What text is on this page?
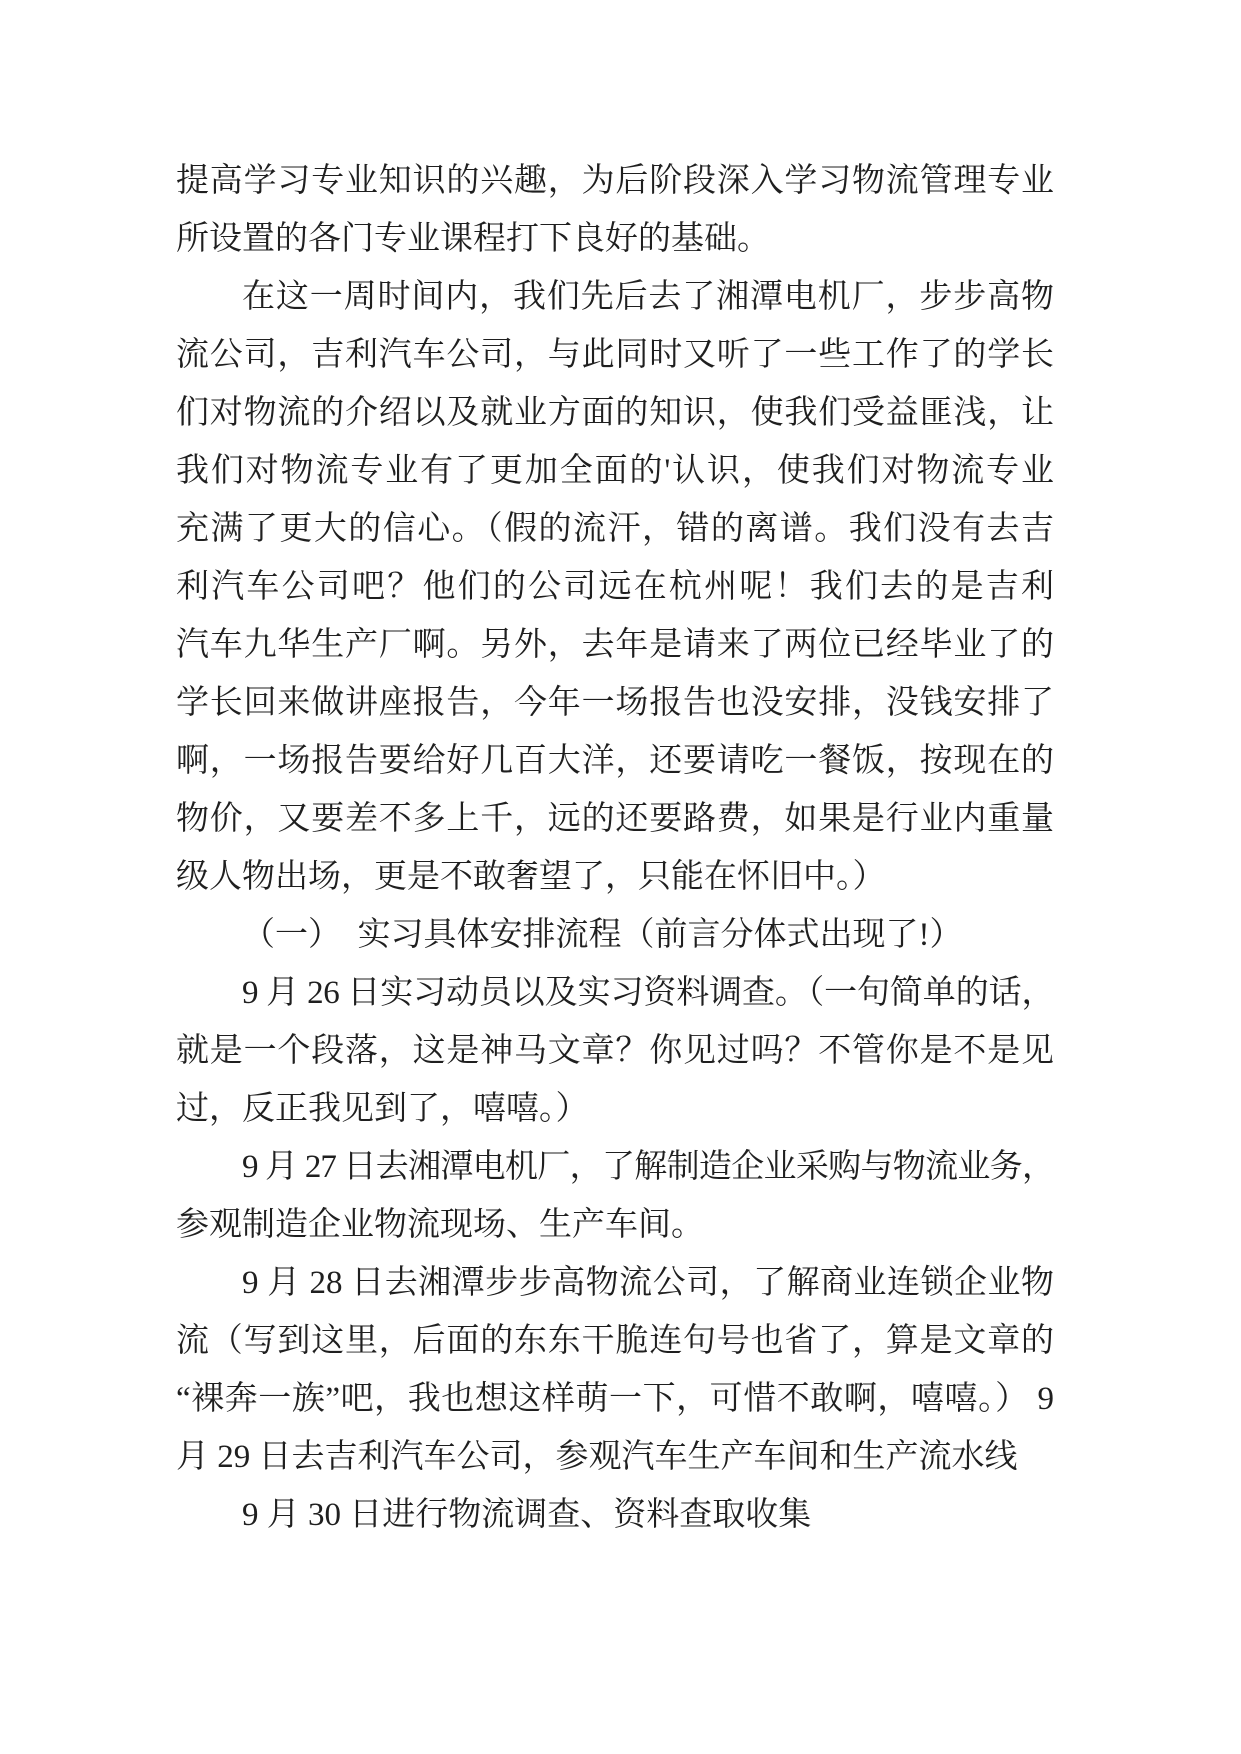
提高学习专业知识的兴趣，为后阶段深入学习物流管理专业
所设置的各门专业课程打下良好的基础。
在这一周时间内，我们先后去了湘潭电机厂，步步高物
流公司，吉利汽车公司，与此同时又听了一些工作了的学长
们对物流的介绍以及就业方面的知识，使我们受益匪浅，让
我们对物流专业有了更加全面的'认识，使我们对物流专业
充满了更大的信心。（假的流汗，错的离谱。我们没有去吉
利汽车公司吧？他们的公司远在杭州呢！我们去的是吉利
汽车九华生产厂啊。另外，去年是请来了两位已经毕业了的
学长回来做讲座报告，今年一场报告也没安排，没钱安排了
啊，一场报告要给好几百大洋，还要请吃一餐饭，按现在的
物价，又要差不多上千，远的还要路费，如果是行业内重量
级人物出场，更是不敢奢望了，只能在怀旧中。）
（一）　实习具体安排流程（前言分体式出现了!）
9 月 26 日实习动员以及实习资料调查。（一句简单的话，
就是一个段落，这是神马文章？你见过吗？不管你是不是见
过，反正我见到了，嘻嘻。）
9 月 27 日去湘潭电机厂，了解制造企业采购与物流业务，
参观制造企业物流现场、生产车间。
9 月 28 日去湘潭步步高物流公司，了解商业连锁企业物
流（写到这里，后面的东东干脆连句号也省了，算是文章的
“裸奔一族”吧，我也想这样萌一下，可惜不敢啊，嘻嘻。） 9
月 29 日去吉利汽车公司，参观汽车生产车间和生产流水线
9 月 30 日进行物流调查、资料查取收集
